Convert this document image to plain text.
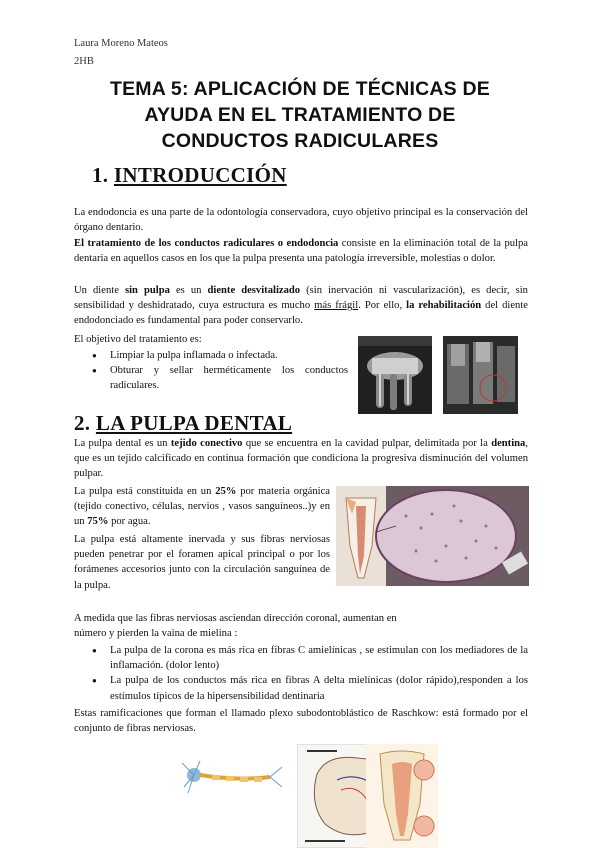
Laura Moreno Mateos
2HB
TEMA 5: APLICACIÓN DE TÉCNICAS DE
AYUDA EN EL TRATAMIENTO DE
CONDUCTOS RADICULARES
1. INTRODUCCIÓN

La endodoncia es una parte de la odontología conservadora, cuyo objetivo principal es la conservación del órgano dentario.

El tratamiento de los conductos radiculares o endodoncia consiste en la eliminación total de la pulpa dentaria en aquellos casos en los que la pulpa presenta una patología irreversible, molestias o dolor.

Un diente sin pulpa es un diente desvitalizado (sin inervación ni vascularización), es decir, sin sensibilidad y deshidratado, cuya estructura es mucho más frágil. Por ello, la rehabilitación del diente endodonciado es fundamental para poder conservarlo.

El objetivo del tratamiento es:

● Limpiar la pulpa inflamada o infectada.
● Obturar y sellar herméticamente los conductos radiculares.
2. LA PULPA DENTAL

La pulpa dental es un tejido conectivo que se encuentra en la cavidad pulpar, delimitada por la dentina, que es un tejido calcificado en continua formación que condiciona la progresiva disminución del volumen pulpar.

La pulpa está constituida en un 25% por materia orgánica (tejido conectivo, células, nervios , vasos sanguíneos..)y en un 75% por agua.

La pulpa está altamente inervada y sus fibras nerviosas pueden penetrar por el foramen apical principal o por los forámenes accesorios junto con la circulación sanguínea de la pulpa.

A medida que las fibras nerviosas asciendan dirección coronal, aumentan en
número y pierden la vaina de mielina :

● La pulpa de la corona es más rica en fibras C amielínicas , se estimulan con los mediadores de la inflamación. (dolor lento)
● La pulpa de los conductos más rica en fibras A delta mielínicas (dolor rápido),responden a los estímulos típicos de la hipersensibilidad dentinaria

Estas ramificaciones que forman el llamado plexo subodontoblástico de Raschkow: está formado por el conjunto de fibras nerviosas.
